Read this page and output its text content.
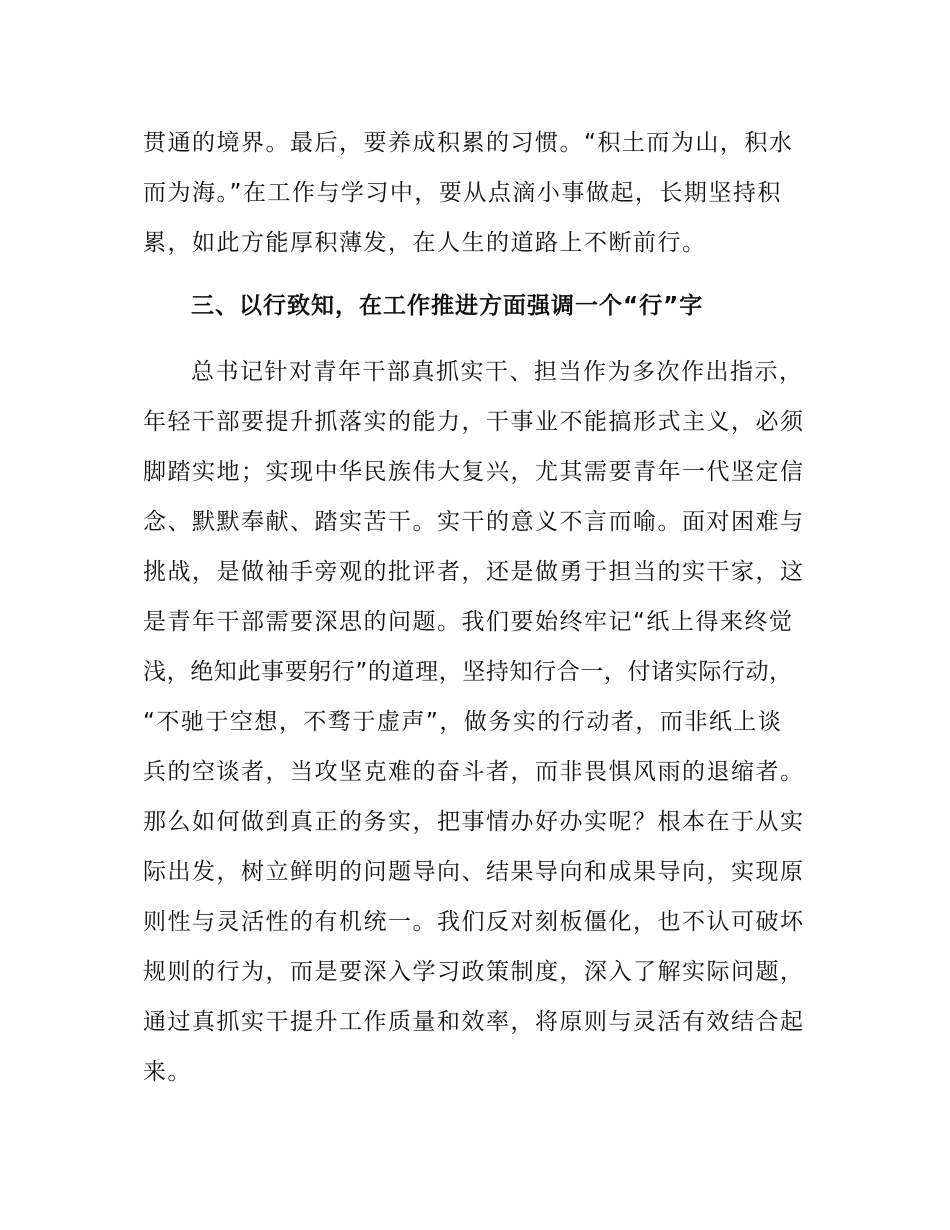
贯通的境界。最后，要养成积累的习惯。“积土而为山，积水
而为海。”在工作与学习中，要从点滴小事做起，长期坚持积
累，如此方能厚积薄发，在人生的道路上不断前行。
三、以行致知，在工作推进方面强调一个“行”字
总书记针对青年干部真抓实干、担当作为多次作出指示，
年轻干部要提升抓落实的能力，干事业不能搞形式主义，必须
脚踏实地；实现中华民族伟大复兴，尤其需要青年一代坚定信
念、默默奉献、踏实苦干。实干的意义不言而喻。面对困难与
挑战，是做袖手旁观的批评者，还是做勇于担当的实干家，这
是青年干部需要深思的问题。我们要始终牢记“纸上得来终觉
浅，绝知此事要躬行”的道理，坚持知行合一，付诸实际行动，
“不驰于空想，不骛于虚声”，做务实的行动者，而非纸上谈
兵的空谈者，当攻坚克难的奋斗者，而非畏惧风雨的退缩者。
那么如何做到真正的务实，把事情办好办实呢？根本在于从实
际出发，树立鲜明的问题导向、结果导向和成果导向，实现原
则性与灵活性的有机统一。我们反对刻板僵化，也不认可破坏
规则的行为，而是要深入学习政策制度，深入了解实际问题，
通过真抓实干提升工作质量和效率，将原则与灵活有效结合起
来。
